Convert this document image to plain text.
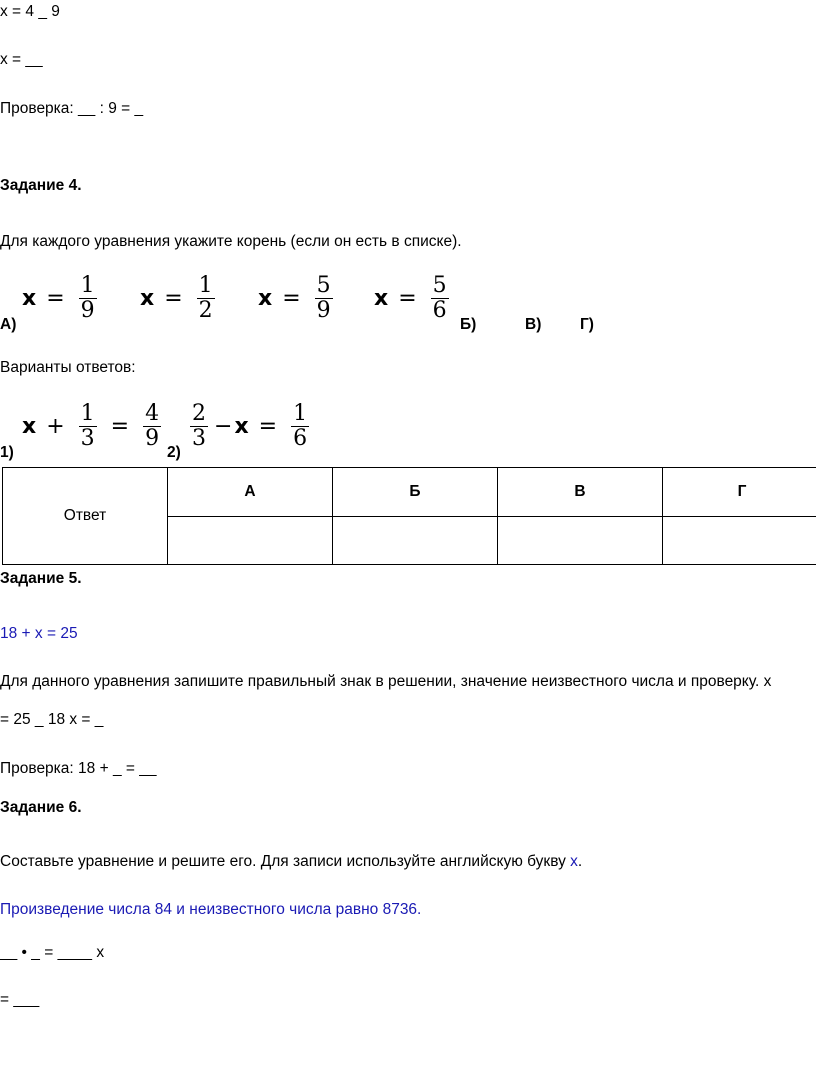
x = 4 _ 9
x = __
Проверка: __ : 9 = _
Задание 4.
Для каждого уравнения укажите корень (если он есть в списке).
$x = \frac{1}{9}$ $x = \frac{1}{2}$ $x = \frac{5}{9}$ $x = \frac{5}{6}$
А)	Б)	В) Г)
Варианты ответов:
$x + \frac{1}{3} = \frac{4}{9} \frac{2}{3} - x = \frac{1}{6}$
1)	2)
Ответ	А	Б	В	Г

Задание 5.
18 + x = 25
Для данного уравнения запишите правильный знак в решении, значение неизвестного числа и проверку. x
= 25 _ 18 x = _
Проверка: 18 + _ = __
Задание 6.
Составьте уравнение и решите его. Для записи используйте английскую букву x.
Произведение числа 84 и неизвестного числа равно 8736.
__ • _ = ____ x
= ___
